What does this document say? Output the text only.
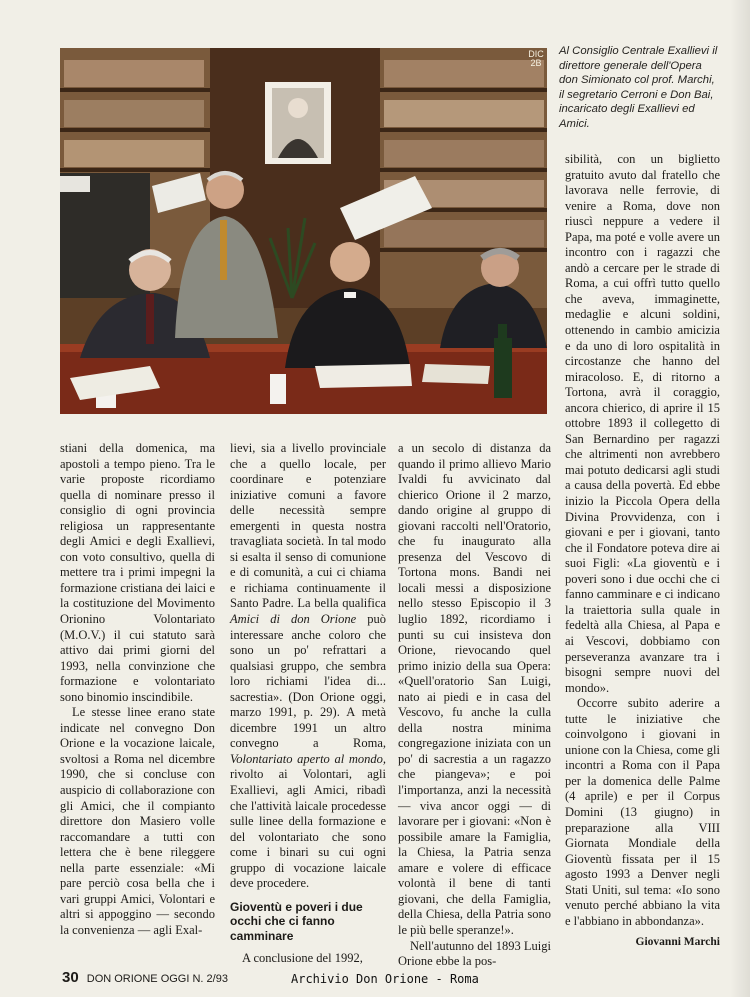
DIC 2B
Al Consiglio Centrale Exallievi il direttore generale dell'Opera don Simionato col prof. Marchi, il segretario Cerroni e Don Bai, incaricato degli Exallievi ed Amici.

stiani della domenica, ma apostoli a tempo pieno. Tra le varie proposte ricordiamo quella di nominare presso il consiglio di ogni provincia religiosa un rappresentante degli Amici e degli Exallievi, con voto consultivo, quella di mettere tra i primi impegni la formazione cristiana dei laici e la costituzione del Movimento Orionino Volontariato (M.O.V.) il cui statuto sarà attivo dai primi giorni del 1993, nella convinzione che formazione e volontariato sono binomio inscindibile.

Le stesse linee erano state indicate nel convegno Don Orione e la vocazione laicale, svoltosi a Roma nel dicembre 1990, che si concluse con auspicio di collaborazione con gli Amici, che il compianto direttore don Masiero volle raccomandare a tutti con lettera che è bene rileggere nella parte essenziale: «Mi pare perciò cosa bella che i vari gruppi Amici, Volontari e altri si appoggino — secondo la convenienza — agli Exal-

lievi, sia a livello provinciale che a quello locale, per coordinare e potenziare iniziative comuni a favore delle necessità sempre emergenti in questa nostra travagliata società. In tal modo si esalta il senso di comunione e di comunità, a cui ci chiama e richiama continuamente il Santo Padre. La bella qualifica Amici di don Orione può interessare anche coloro che sono un po' refrattari a qualsiasi gruppo, che sembra loro richiami l'idea di... sacrestia». (Don Orione oggi, marzo 1991, p. 29). A metà dicembre 1991 un altro convegno a Roma, Volontariato aperto al mondo, rivolto ai Volontari, agli Exallievi, agli Amici, ribadì che l'attività laicale procedesse sulle linee della formazione e del volontariato che sono come i binari su cui ogni gruppo di vocazione laicale deve procedere.

Gioventù e poveri i due occhi che ci fanno camminare

A conclusione del 1992,

a un secolo di distanza da quando il primo allievo Mario Ivaldi fu avvicinato dal chierico Orione il 2 marzo, dando origine al gruppo di giovani raccolti nell'Oratorio, che fu inaugurato alla presenza del Vescovo di Tortona mons. Bandi nei locali messi a disposizione nello stesso Episcopio il 3 luglio 1892, ricordiamo i punti su cui insisteva don Orione, rievocando quel primo inizio della sua Opera: «Quell'oratorio San Luigi, nato ai piedi e in casa del Vescovo, fu anche la culla della nostra minima congregazione iniziata con un po' di sacrestia a un ragazzo che piangeva»; e poi l'importanza, anzi la necessità — viva ancor oggi — di lavorare per i giovani: «Non è possibile amare la Famiglia, la Chiesa, la Patria senza amare e volere di efficace volontà il bene di tanti giovani, che della Famiglia, della Chiesa, della Patria sono le più belle speranze!».

Nell'autunno del 1893 Luigi Orione ebbe la pos-

sibilità, con un biglietto gratuito avuto dal fratello che lavorava nelle ferrovie, di venire a Roma, dove non riuscì neppure a vedere il Papa, ma poté e volle avere un incontro con i ragazzi che andò a cercare per le strade di Roma, a cui offrì tutto quello che aveva, immaginette, medaglie e alcuni soldini, ottenendo in cambio amicizia e da uno di loro ospitalità in circostanze che hanno del miracoloso. E, di ritorno a Tortona, avrà il coraggio, ancora chierico, di aprire il 15 ottobre 1893 il collegetto di San Bernardino per ragazzi che altrimenti non avrebbero mai potuto dedicarsi agli studi a causa della povertà. Ed ebbe inizio la Piccola Opera della Divina Provvidenza, con i giovani e per i giovani, tanto che il Fondatore poteva dire ai suoi Figli: «La gioventù e i poveri sono i due occhi che ci fanno camminare e ci indicano la traiettoria sulla quale in fedeltà alla Chiesa, al Papa e ai Vescovi, dobbiamo con perseveranza avanzare tra i bisogni sempre nuovi del mondo».

Occorre subito aderire a tutte le iniziative che coinvolgono i giovani in unione con la Chiesa, come gli incontri a Roma con il Papa per la domenica delle Palme (4 aprile) e per il Corpus Domini (13 giugno) in preparazione alla VIII Giornata Mondiale della Gioventù fissata per il 15 agosto 1993 a Denver negli Stati Uniti, sul tema: «Io sono venuto perché abbiano la vita e l'abbiano in abbondanza».

Giovanni Marchi
30 DON ORIONE OGGI N. 2/93	Archivio Don Orione - Roma
